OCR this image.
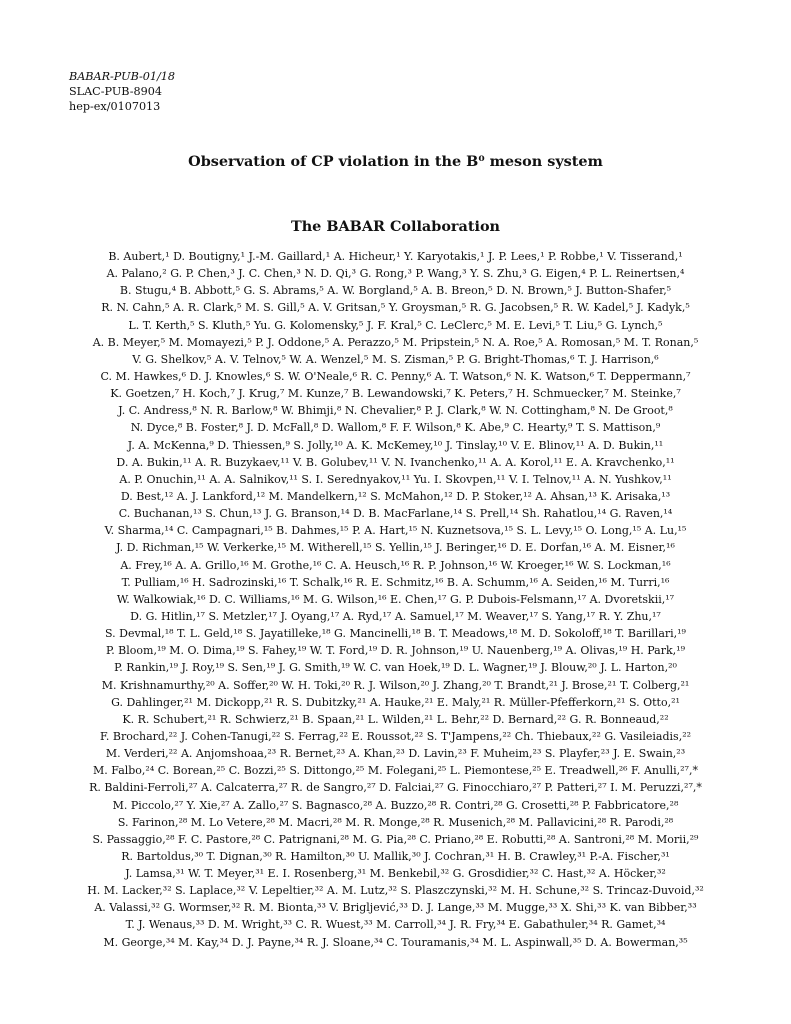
BABAR-PUB-01/18
SLAC-PUB-8904
hep-ex/0107013
Observation of CP violation in the B⁰ meson system
The BABAR Collaboration
B. Aubert,¹ D. Boutigny,¹ J.-M. Gaillard,¹ A. Hicheur,¹ Y. Karyotakis,¹ J. P. Lees,¹ P. Robbe,¹ V. Tisserand,¹
A. Palano,² G. P. Chen,³ J. C. Chen,³ N. D. Qi,³ G. Rong,³ P. Wang,³ Y. S. Zhu,³ G. Eigen,⁴ P. L. Reinertsen,⁴
B. Stugu,⁴ B. Abbott,⁵ G. S. Abrams,⁵ A. W. Borgland,⁵ A. B. Breon,⁵ D. N. Brown,⁵ J. Button-Shafer,⁵
R. N. Cahn,⁵ A. R. Clark,⁵ M. S. Gill,⁵ A. V. Gritsan,⁵ Y. Groysman,⁵ R. G. Jacobsen,⁵ R. W. Kadel,⁵ J. Kadyk,⁵
L. T. Kerth,⁵ S. Kluth,⁵ Yu. G. Kolomensky,⁵ J. F. Kral,⁵ C. LeClerc,⁵ M. E. Levi,⁵ T. Liu,⁵ G. Lynch,⁵
A. B. Meyer,⁵ M. Momayezi,⁵ P. J. Oddone,⁵ A. Perazzo,⁵ M. Pripstein,⁵ N. A. Roe,⁵ A. Romosan,⁵ M. T. Ronan,⁵
V. G. Shelkov,⁵ A. V. Telnov,⁵ W. A. Wenzel,⁵ M. S. Zisman,⁵ P. G. Bright-Thomas,⁶ T. J. Harrison,⁶
C. M. Hawkes,⁶ D. J. Knowles,⁶ S. W. O'Neale,⁶ R. C. Penny,⁶ A. T. Watson,⁶ N. K. Watson,⁶ T. Deppermann,⁷
K. Goetzen,⁷ H. Koch,⁷ J. Krug,⁷ M. Kunze,⁷ B. Lewandowski,⁷ K. Peters,⁷ H. Schmuecker,⁷ M. Steinke,⁷
J. C. Andress,⁸ N. R. Barlow,⁸ W. Bhimji,⁸ N. Chevalier,⁸ P. J. Clark,⁸ W. N. Cottingham,⁸ N. De Groot,⁸
N. Dyce,⁸ B. Foster,⁸ J. D. McFall,⁸ D. Wallom,⁸ F. F. Wilson,⁸ K. Abe,⁹ C. Hearty,⁹ T. S. Mattison,⁹
J. A. McKenna,⁹ D. Thiessen,⁹ S. Jolly,¹⁰ A. K. McKemey,¹⁰ J. Tinslay,¹⁰ V. E. Blinov,¹¹ A. D. Bukin,¹¹
D. A. Bukin,¹¹ A. R. Buzykaev,¹¹ V. B. Golubev,¹¹ V. N. Ivanchenko,¹¹ A. A. Korol,¹¹ E. A. Kravchenko,¹¹
A. P. Onuchin,¹¹ A. A. Salnikov,¹¹ S. I. Serednyakov,¹¹ Yu. I. Skovpen,¹¹ V. I. Telnov,¹¹ A. N. Yushkov,¹¹
D. Best,¹² A. J. Lankford,¹² M. Mandelkern,¹² S. McMahon,¹² D. P. Stoker,¹² A. Ahsan,¹³ K. Arisaka,¹³
C. Buchanan,¹³ S. Chun,¹³ J. G. Branson,¹⁴ D. B. MacFarlane,¹⁴ S. Prell,¹⁴ Sh. Rahatlou,¹⁴ G. Raven,¹⁴
V. Sharma,¹⁴ C. Campagnari,¹⁵ B. Dahmes,¹⁵ P. A. Hart,¹⁵ N. Kuznetsova,¹⁵ S. L. Levy,¹⁵ O. Long,¹⁵ A. Lu,¹⁵
J. D. Richman,¹⁵ W. Verkerke,¹⁵ M. Witherell,¹⁵ S. Yellin,¹⁵ J. Beringer,¹⁶ D. E. Dorfan,¹⁶ A. M. Eisner,¹⁶
A. Frey,¹⁶ A. A. Grillo,¹⁶ M. Grothe,¹⁶ C. A. Heusch,¹⁶ R. P. Johnson,¹⁶ W. Kroeger,¹⁶ W. S. Lockman,¹⁶
T. Pulliam,¹⁶ H. Sadrozinski,¹⁶ T. Schalk,¹⁶ R. E. Schmitz,¹⁶ B. A. Schumm,¹⁶ A. Seiden,¹⁶ M. Turri,¹⁶
W. Walkowiak,¹⁶ D. C. Williams,¹⁶ M. G. Wilson,¹⁶ E. Chen,¹⁷ G. P. Dubois-Felsmann,¹⁷ A. Dvoretskii,¹⁷
D. G. Hitlin,¹⁷ S. Metzler,¹⁷ J. Oyang,¹⁷ A. Ryd,¹⁷ A. Samuel,¹⁷ M. Weaver,¹⁷ S. Yang,¹⁷ R. Y. Zhu,¹⁷
S. Devmal,¹⁸ T. L. Geld,¹⁸ S. Jayatilleke,¹⁸ G. Mancinelli,¹⁸ B. T. Meadows,¹⁸ M. D. Sokoloff,¹⁸ T. Barillari,¹⁹
P. Bloom,¹⁹ M. O. Dima,¹⁹ S. Fahey,¹⁹ W. T. Ford,¹⁹ D. R. Johnson,¹⁹ U. Nauenberg,¹⁹ A. Olivas,¹⁹ H. Park,¹⁹
P. Rankin,¹⁹ J. Roy,¹⁹ S. Sen,¹⁹ J. G. Smith,¹⁹ W. C. van Hoek,¹⁹ D. L. Wagner,¹⁹ J. Blouw,²⁰ J. L. Harton,²⁰
M. Krishnamurthy,²⁰ A. Soffer,²⁰ W. H. Toki,²⁰ R. J. Wilson,²⁰ J. Zhang,²⁰ T. Brandt,²¹ J. Brose,²¹ T. Colberg,²¹
G. Dahlinger,²¹ M. Dickopp,²¹ R. S. Dubitzky,²¹ A. Hauke,²¹ E. Maly,²¹ R. Müller-Pfefferkorn,²¹ S. Otto,²¹
K. R. Schubert,²¹ R. Schwierz,²¹ B. Spaan,²¹ L. Wilden,²¹ L. Behr,²² D. Bernard,²² G. R. Bonneaud,²²
F. Brochard,²² J. Cohen-Tanugi,²² S. Ferrag,²² E. Roussot,²² S. T'Jampens,²² Ch. Thiebaux,²² G. Vasileiadis,²²
M. Verderi,²² A. Anjomshoaa,²³ R. Bernet,²³ A. Khan,²³ D. Lavin,²³ F. Muheim,²³ S. Playfer,²³ J. E. Swain,²³
M. Falbo,²⁴ C. Borean,²⁵ C. Bozzi,²⁵ S. Dittongo,²⁵ M. Folegani,²⁵ L. Piemontese,²⁵ E. Treadwell,²⁶ F. Anulli,²⁷,*
R. Baldini-Ferroli,²⁷ A. Calcaterra,²⁷ R. de Sangro,²⁷ D. Falciai,²⁷ G. Finocchiaro,²⁷ P. Patteri,²⁷ I. M. Peruzzi,²⁷,*
M. Piccolo,²⁷ Y. Xie,²⁷ A. Zallo,²⁷ S. Bagnasco,²⁸ A. Buzzo,²⁸ R. Contri,²⁸ G. Crosetti,²⁸ P. Fabbricatore,²⁸
S. Farinon,²⁸ M. Lo Vetere,²⁸ M. Macri,²⁸ M. R. Monge,²⁸ R. Musenich,²⁸ M. Pallavicini,²⁸ R. Parodi,²⁸
S. Passaggio,²⁸ F. C. Pastore,²⁸ C. Patrignani,²⁸ M. G. Pia,²⁸ C. Priano,²⁸ E. Robutti,²⁸ A. Santroni,²⁸ M. Morii,²⁹
R. Bartoldus,³⁰ T. Dignan,³⁰ R. Hamilton,³⁰ U. Mallik,³⁰ J. Cochran,³¹ H. B. Crawley,³¹ P.-A. Fischer,³¹
J. Lamsa,³¹ W. T. Meyer,³¹ E. I. Rosenberg,³¹ M. Benkebil,³² G. Grosdidier,³² C. Hast,³² A. Höcker,³²
H. M. Lacker,³² S. Laplace,³² V. Lepeltier,³² A. M. Lutz,³² S. Plaszczynski,³² M. H. Schune,³² S. Trincaz-Duvoid,³²
A. Valassi,³² G. Wormser,³² R. M. Bionta,³³ V. Brigljević,³³ D. J. Lange,³³ M. Mugge,³³ X. Shi,³³ K. van Bibber,³³
T. J. Wenaus,³³ D. M. Wright,³³ C. R. Wuest,³³ M. Carroll,³⁴ J. R. Fry,³⁴ E. Gabathuler,³⁴ R. Gamet,³⁴
M. George,³⁴ M. Kay,³⁴ D. J. Payne,³⁴ R. J. Sloane,³⁴ C. Touramanis,³⁴ M. L. Aspinwall,³⁵ D. A. Bowerman,³⁵
